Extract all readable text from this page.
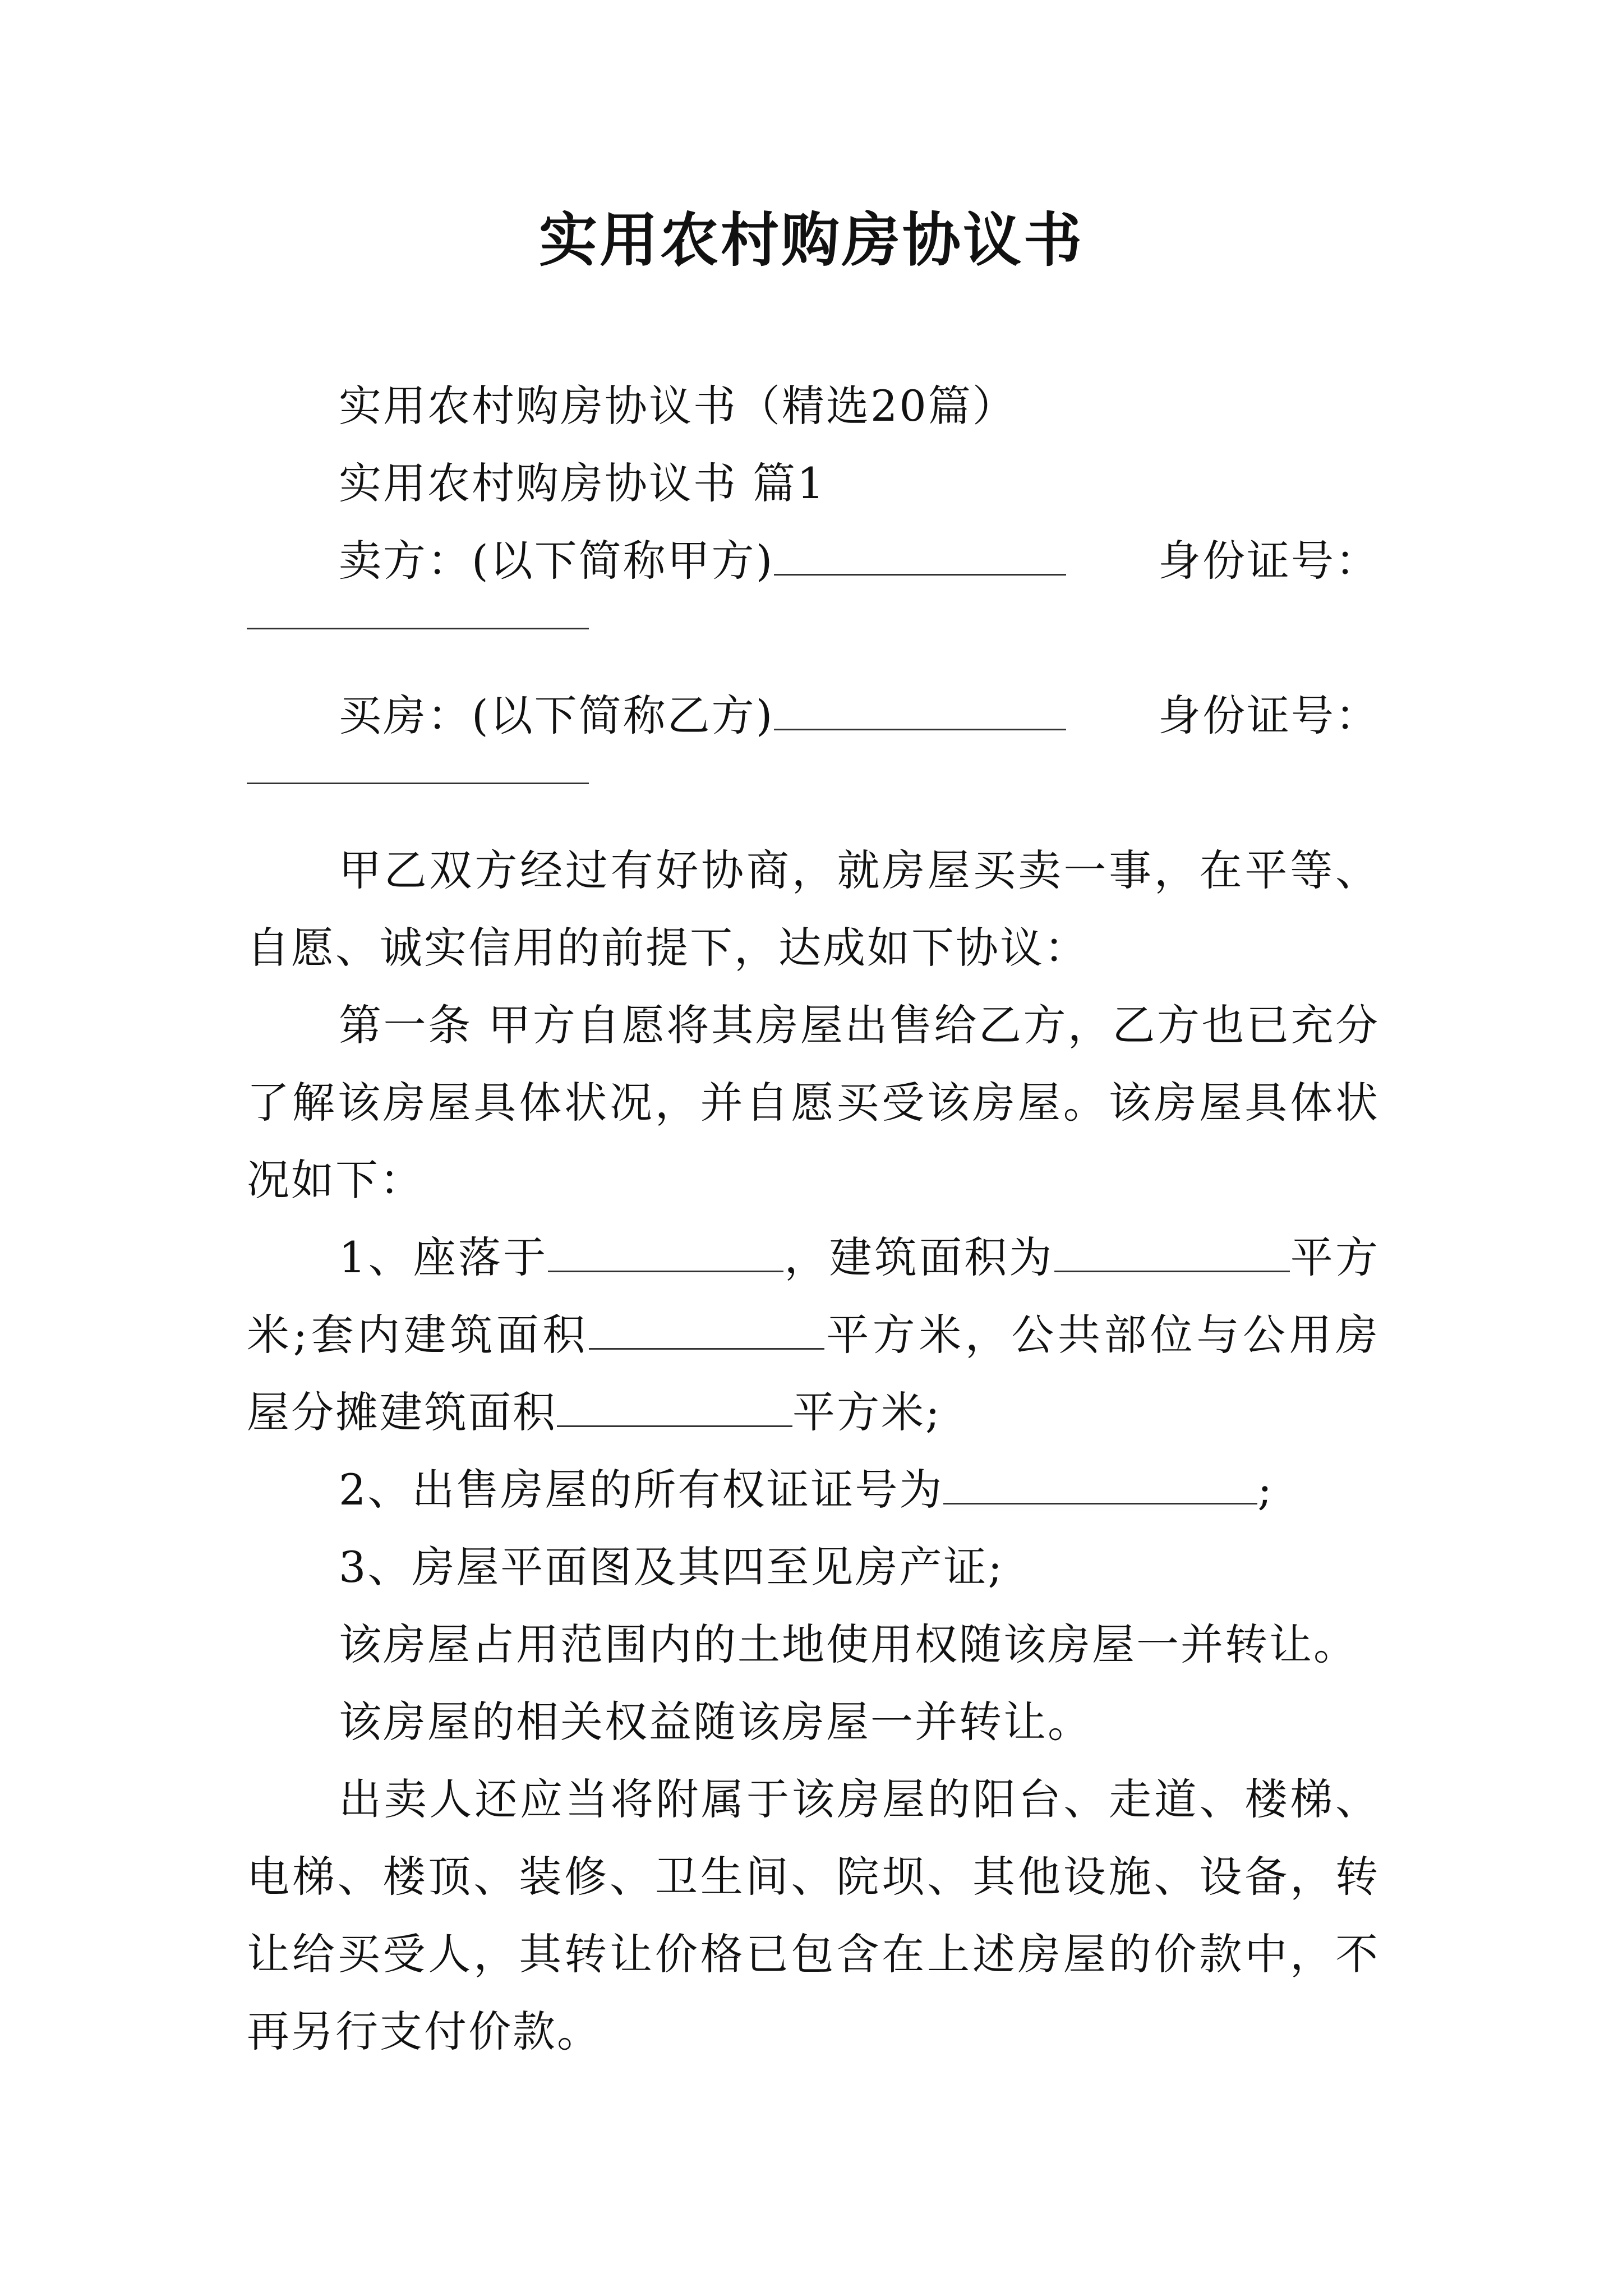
实用农村购房协议书

实用农村购房协议书（精选20篇）

实用农村购房协议书 篇1

卖方：(以下简称甲方)	身份证号：
买房：(以下简称乙方)	身份证号：

甲乙双方经过有好协商，就房屋买卖一事，在平等、自愿、诚实信用的前提下，达成如下协议：

第一条 甲方自愿将其房屋出售给乙方，乙方也已充分了解该房屋具体状况，并自愿买受该房屋。该房屋具体状况如下：

1、座落于	，建筑面积为	平方米;套内建筑面积	平方米，公共部位与公用房屋分摊建筑面积	平方米;

2、出售房屋的所有权证证号为	;

3、房屋平面图及其四至见房产证;

该房屋占用范围内的土地使用权随该房屋一并转让。

该房屋的相关权益随该房屋一并转让。

出卖人还应当将附属于该房屋的阳台、走道、楼梯、电梯、楼顶、装修、卫生间、院坝、其他设施、设备，转让给买受人，其转让价格已包含在上述房屋的价款中，不再另行支付价款。
